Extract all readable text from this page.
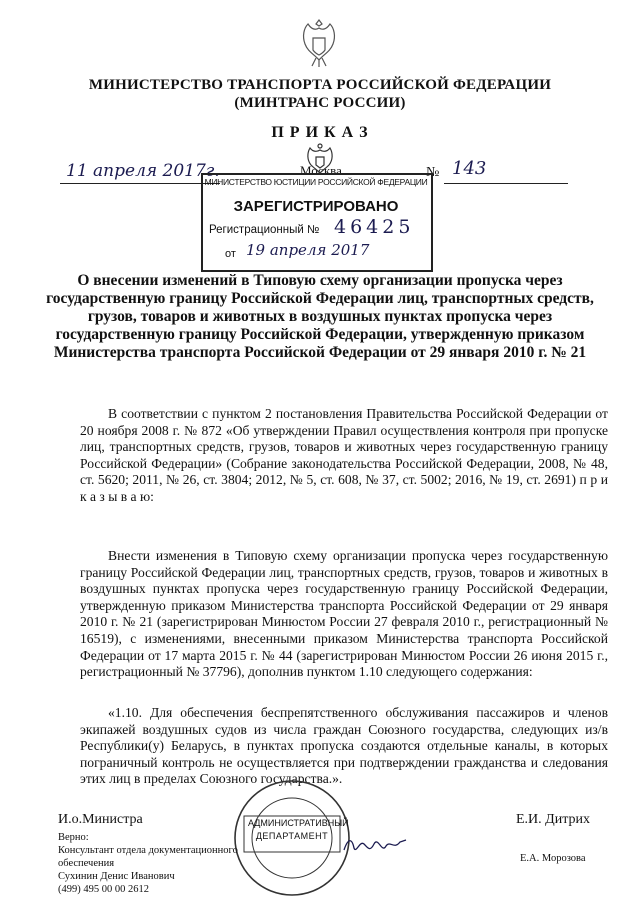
МИНИСТЕРСТВО ТРАНСПОРТА РОССИЙСКОЙ ФЕДЕРАЦИИ
(МИНТРАНС РОССИИ)
П Р И К А З
11 апреля 2017г.	Москва	№ 143
МИНИСТЕРСТВО ЮСТИЦИИ РОССИЙСКОЙ ФЕДЕРАЦИИ
ЗАРЕГИСТРИРОВАНО
Регистрационный № 46425
от 19 апреля 2017
О внесении изменений в Типовую схему организации пропуска через
государственную границу Российской Федерации лиц, транспортных средств,
грузов, товаров и животных в воздушных пунктах пропуска через
государственную границу Российской Федерации, утвержденную приказом
Министерства транспорта Российской Федерации от 29 января 2010 г. № 21
В соответствии с пунктом 2 постановления Правительства Российской Федерации от 20 ноября 2008 г. № 872 «Об утверждении Правил осуществления контроля при пропуске лиц, транспортных средств, грузов, товаров и животных через государственную границу Российской Федерации» (Собрание законодательства Российской Федерации, 2008, № 48, ст. 5620; 2011, № 26, ст. 3804; 2012, № 5, ст. 608, № 37, ст. 5002; 2016, № 19, ст. 2691) п р и к а з ы в а ю:
Внести изменения в Типовую схему организации пропуска через государственную границу Российской Федерации лиц, транспортных средств, грузов, товаров и животных в воздушных пунктах пропуска через государственную границу Российской Федерации, утвержденную приказом Министерства транспорта Российской Федерации от 29 января 2010 г. № 21 (зарегистрирован Минюстом России 27 февраля 2010 г., регистрационный № 16519), с изменениями, внесенными приказом Министерства транспорта Российской Федерации от 17 марта 2015 г. № 44 (зарегистрирован Минюстом России 26 июня 2015 г., регистрационный № 37796), дополнив пунктом 1.10 следующего содержания:
«1.10. Для обеспечения беспрепятственного обслуживания пассажиров и членов экипажей воздушных судов из числа граждан Союзного государства, следующих из/в Республики(у) Беларусь, в пунктах пропуска создаются отдельные каналы, в которых пограничный контроль не осуществляется при подтверждении гражданства и следования этих лиц в пределах Союзного государства.».
И.о.Министра	Е.И. Дитрих
АДМИНИСТРАТИВНЫЙ
ДЕПАРТАМЕНТ
Верно:
Консультант отдела документационного обеспечения
Сухинин Денис Иванович
(499) 495 00 00 2612
Е.А. Морозова
